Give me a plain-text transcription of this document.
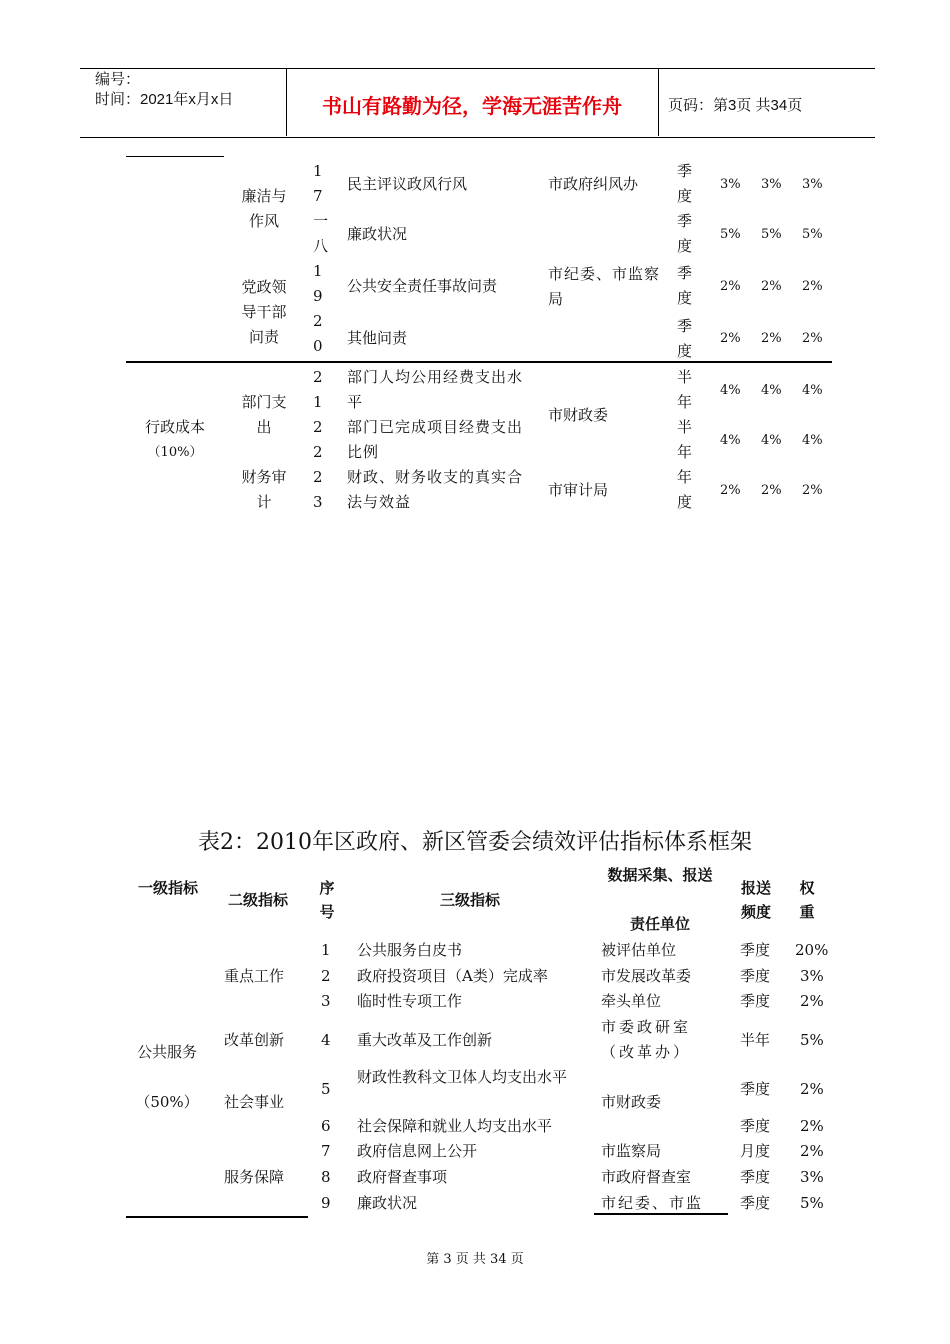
编号：
时间：2021年x月x日	书山有路勤为径，学海无涯苦作舟	页码：第3页 共34页
廉洁与作风
党政领导干部问责
17
一八
19
20
民主评议政风行风
廉政状况
公共安全责任事故问责
其他问责
市政府纠风办
市纪委、市监察局
季度
季度
季度
季度
3% 3% 3%
5% 5% 5%
2% 2% 2%
2% 2% 2%
行政成本
（10%）
部门支出
财务审计
21
22
23
部门人均公用经费支出水平
部门已完成项目经费支出比例
财政、财务收支的真实合法与效益
市财政委
市审计局
半年
半年
年度
4% 4% 4%
4% 4% 4%
2% 2% 2%
表2：2010年区政府、新区管委会绩效评估指标体系框架
一级指标
二级指标
序号
三级指标
数据采集、报送
责任单位
报送频度
权重
公共服务
（50%）
重点工作
改革创新
社会事业
服务保障
1
2
3
4
5
6
7
8
9
公共服务白皮书
政府投资项目（A类）完成率
临时性专项工作
重大改革及工作创新
财政性教科文卫体人均支出水平
社会保障和就业人均支出水平
政府信息网上公开
政府督查事项
廉政状况
被评估单位
市发展改革委
牵头单位
市委政研室（改革办）
市财政委
市监察局
市政府督查室
市纪委、市监
季度
季度
季度
半年
季度
季度
月度
季度
季度
20%
3%
2%
5%
2%
2%
2%
3%
5%
第 3 页 共 34 页
